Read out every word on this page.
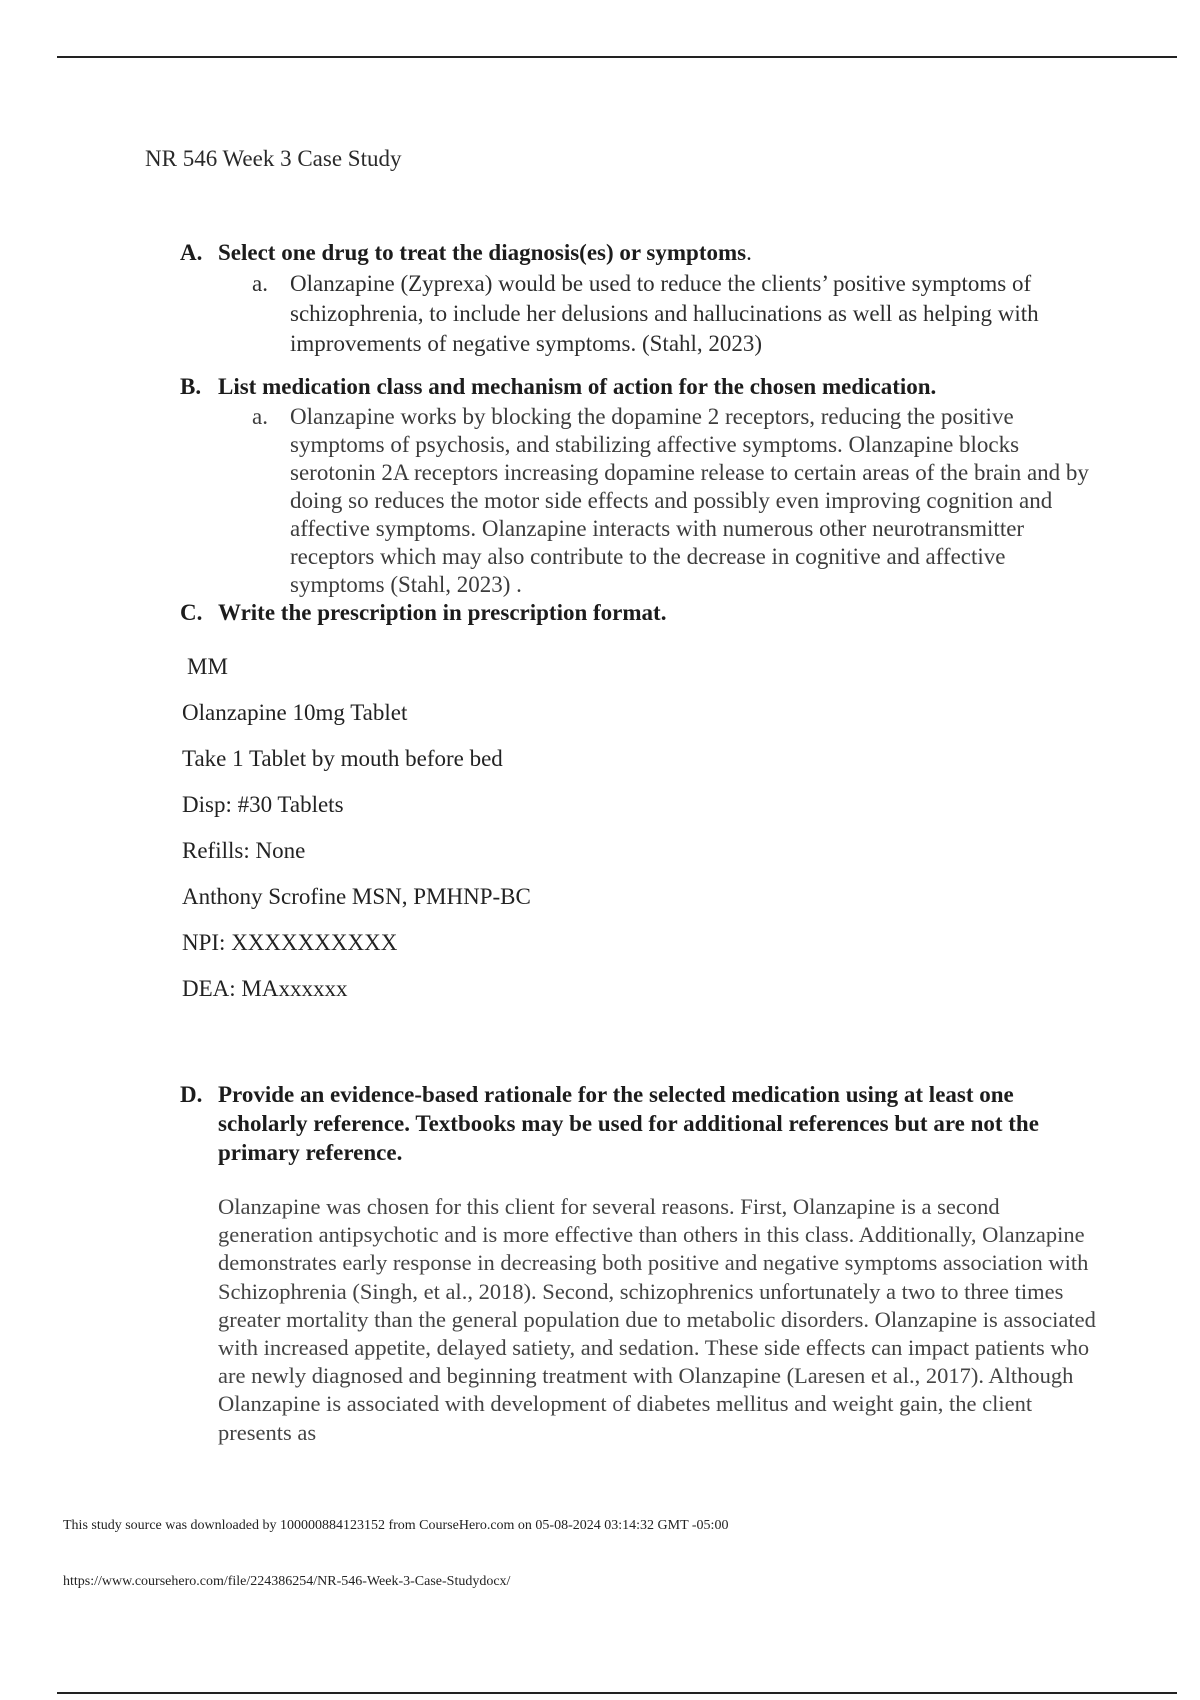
NR 546 Week 3 Case Study
A. Select one drug to treat the diagnosis(es) or symptoms.
a. Olanzapine (Zyprexa) would be used to reduce the clients’ positive symptoms of schizophrenia, to include her delusions and hallucinations as well as helping with improvements of negative symptoms. (Stahl, 2023)
B. List medication class and mechanism of action for the chosen medication.
a. Olanzapine works by blocking the dopamine 2 receptors, reducing the positive symptoms of psychosis, and stabilizing affective symptoms. Olanzapine blocks serotonin 2A receptors increasing dopamine release to certain areas of the brain and by doing so reduces the motor side effects and possibly even improving cognition and affective symptoms. Olanzapine interacts with numerous other neurotransmitter receptors which may also contribute to the decrease in cognitive and affective symptoms (Stahl, 2023) .
C. Write the prescription in prescription format.
MM
Olanzapine 10mg Tablet
Take 1 Tablet by mouth before bed
Disp: #30 Tablets
Refills: None
Anthony Scrofine MSN, PMHNP-BC
NPI: XXXXXXXXXX
DEA: MAxxxxxx
D. Provide an evidence-based rationale for the selected medication using at least one scholarly reference. Textbooks may be used for additional references but are not the primary reference.
Olanzapine was chosen for this client for several reasons. First, Olanzapine is a second generation antipsychotic and is more effective than others in this class. Additionally, Olanzapine demonstrates early response in decreasing both positive and negative symptoms association with Schizophrenia (Singh, et al., 2018). Second, schizophrenics unfortunately a two to three times greater mortality than the general population due to metabolic disorders. Olanzapine is associated with increased appetite, delayed satiety, and sedation. These side effects can impact patients who are newly diagnosed and beginning treatment with Olanzapine (Laresen et al., 2017). Although Olanzapine is associated with development of diabetes mellitus and weight gain, the client presents as
This study source was downloaded by 100000884123152 from CourseHero.com on 05-08-2024 03:14:32 GMT -05:00
https://www.coursehero.com/file/224386254/NR-546-Week-3-Case-Studydocx/
